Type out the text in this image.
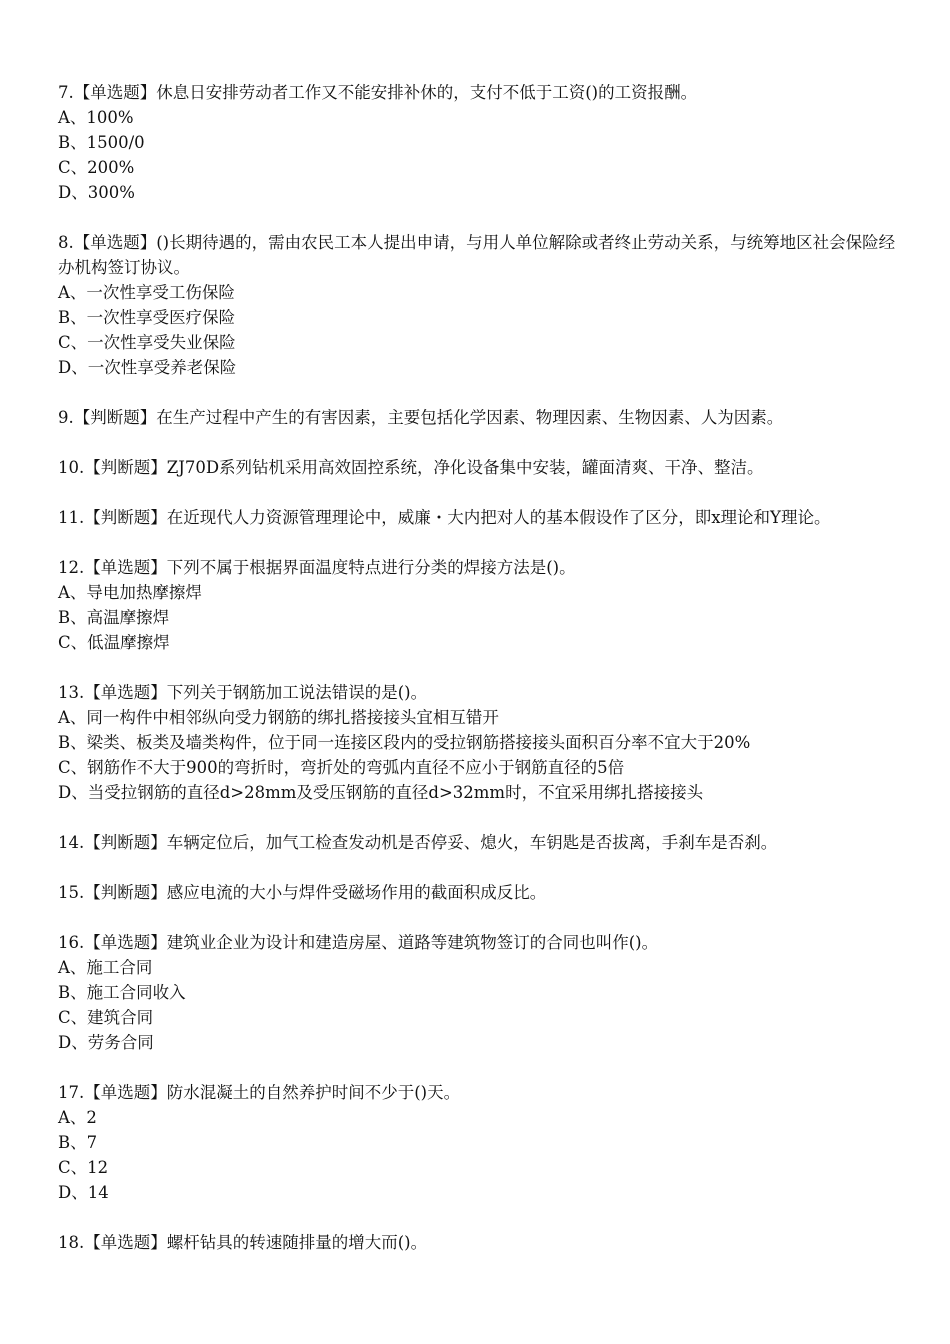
7.【单选题】休息日安排劳动者工作又不能安排补休的，支付不低于工资()的工资报酬。
A、100%
B、1500/0
C、200%
D、300%
8.【单选题】()长期待遇的，需由农民工本人提出申请，与用人单位解除或者终止劳动关系，与统筹地区社会保险经办机构签订协议。
A、一次性享受工伤保险
B、一次性享受医疗保险
C、一次性享受失业保险
D、一次性享受养老保险
9.【判断题】在生产过程中产生的有害因素，主要包括化学因素、物理因素、生物因素、人为因素。
10.【判断题】ZJ70D系列钻机采用高效固控系统，净化设备集中安装，罐面清爽、干净、整洁。
11.【判断题】在近现代人力资源管理理论中，威廉・大内把对人的基本假设作了区分，即x理论和Y理论。
12.【单选题】下列不属于根据界面温度特点进行分类的焊接方法是()。
A、导电加热摩擦焊
B、高温摩擦焊
C、低温摩擦焊
13.【单选题】下列关于钢筋加工说法错误的是()。
A、同一构件中相邻纵向受力钢筋的绑扎搭接接头宜相互错开
B、梁类、板类及墙类构件，位于同一连接区段内的受拉钢筋搭接接头面积百分率不宜大于20%
C、钢筋作不大于900的弯折时，弯折处的弯弧内直径不应小于钢筋直径的5倍
D、当受拉钢筋的直径d>28mm及受压钢筋的直径d>32mm时，不宜采用绑扎搭接接头
14.【判断题】车辆定位后，加气工检查发动机是否停妥、熄火，车钥匙是否拔离，手刹车是否刹。
15.【判断题】感应电流的大小与焊件受磁场作用的截面积成反比。
16.【单选题】建筑业企业为设计和建造房屋、道路等建筑物签订的合同也叫作()。
A、施工合同
B、施工合同收入
C、建筑合同
D、劳务合同
17.【单选题】防水混凝土的自然养护时间不少于()天。
A、2
B、7
C、12
D、14
18.【单选题】螺杆钻具的转速随排量的增大而()。
